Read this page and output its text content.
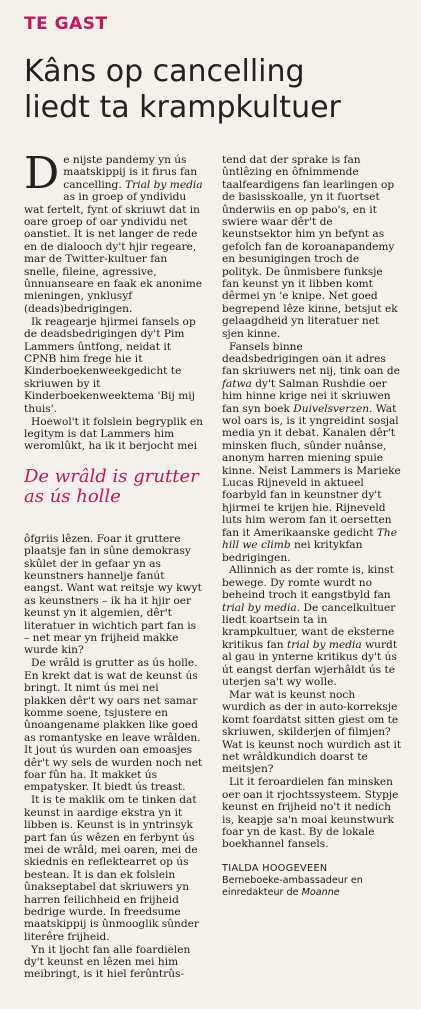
TE GAST
Kâns op cancelling
liedt ta krampkultuer

De nijste pandemy yn ús maatskippij is it firus fan cancelling. Trial by media as in groep of yndividu wat fertelt, fynt of skriuwt dat in oare groep of oar yndividu net oanstiet. It is net langer de rede en de dialooch dy't hjir regeare, mar de Twitter-kultuer fan snelle, fileine, agressive, ûnnuanseare en faak ek anonime mieningen, ynklusyf (deads)bedrigingen.

Ik reagearje hjirmei fansels op de deadsbedrigingen dy't Pim Lammers ûntfong, neidat it CPNB him frege hie it Kinderboekenweekgedicht te skriuwen by it Kinderboekenweektema 'Bij mij thuis'.

Hoewol't it folslein begryplik en legitym is dat Lammers him weromlûkt, ha ik it berjocht mei

De wrâld is grutter
as ús holle

ôfgriis lêzen. Foar it gruttere plaatsje fan in sûne demokrasy skûlet der in gefaar yn as keunstners hannelje fanút eangst. Want wat reitsje wy kwyt as keunstners – ik ha it hjir oer keunst yn it algemien, dêr't literatuer in wichtich part fan is – net mear yn frijheid makke wurde kin?

De wrâld is grutter as ús holle. En krekt dat is wat de keunst ús bringt. It nimt ús mei nei plakken dêr't wy oars net samar komme soene, tsjustere en ûnoangename plakken like goed as romantyske en leave wrâlden. It jout ús wurden oan emoasjes dêr't wy sels de wurden noch net foar fûn ha. It makket ús empatysker. It biedt ús treast.

It is te maklik om te tinken dat keunst in aardige ekstra yn it libben is. Keunst is in yntrinsyk part fan ús wêzen en ferbynt ús mei de wrâld, mei oaren, mei de skiednis en reflektearret op ús bestean. It is dan ek folslein ûnakseptabel dat skriuwers yn harren feilichheid en frijheid bedrige wurde. In freedsume maatskippij is ûnmooglik sûnder literêre frijheid.

Yn it ljocht fan alle foardielen dy't keunst en lêzen mei him meibringt, is it hiel ferûntrûs-

tend dat der sprake is fan ûntlêzing en ôfnimmende taalfeardigens fan learlingen op de basisskoalle, yn it fuortset ûnderwiis en op pabo's, en it swiere waar dêr't de keunstsektor him yn befynt as gefolch fan de koroanapandemy en besunigingen troch de polityk. De ûnmisbere funksje fan keunst yn it libben komt dêrmei yn 'e knipe. Net goed begrepend lêze kinne, betsjut ek gelaagdheid yn literatuer net sjen kinne.

Fansels binne deadsbedrigingen oan it adres fan skriuwers net nij, tink oan de fatwa dy't Salman Rushdie oer him hinne krige nei it skriuwen fan syn boek Duivelsverzen. Wat wol oars is, is it yngreidint sosjal media yn it debat. Kanalen dêr't minsken fluch, sûnder nuânse, anonym harren miening spuie kinne. Neist Lammers is Marieke Lucas Rijneveld in aktueel foarbyld fan in keunstner dy't hjirmei te krijen hie. Rijneveld luts him werom fan it oersetten fan it Amerikaanske gedicht The hill we climb nei kritykfan bedrigingen.

Allinnich as der romte is, kinst bewege. Dy romte wurdt no beheind troch it eangstbyld fan trial by media. De cancelkultuer liedt koartsein ta in krampkultuer, want de eksterne kritikus fan trial by media wurdt al gau in ynterne kritikus dy't ús út eangst derfan wjerhâldt ús te uterjen sa't wy wolle.

Mar wat is keunst noch wurdich as der in auto-korreksje komt foardatst sitten giest om te skriuwen, skilderjen of filmjen? Wat is keunst noch wurdich ast it net wrâldkundich doarst te meitsjen?

Lit it feroardielen fan minsken oer oan it rjochtssysteem. Stypje keunst en frijheid no't it nedich is, keapje sa'n moai keunstwurk foar yn de kast. By de lokale boekhannel fansels.

TIALDA HOOGEVEEN
Berneboeke-ambassadeur en
einredakteur de Moanne
